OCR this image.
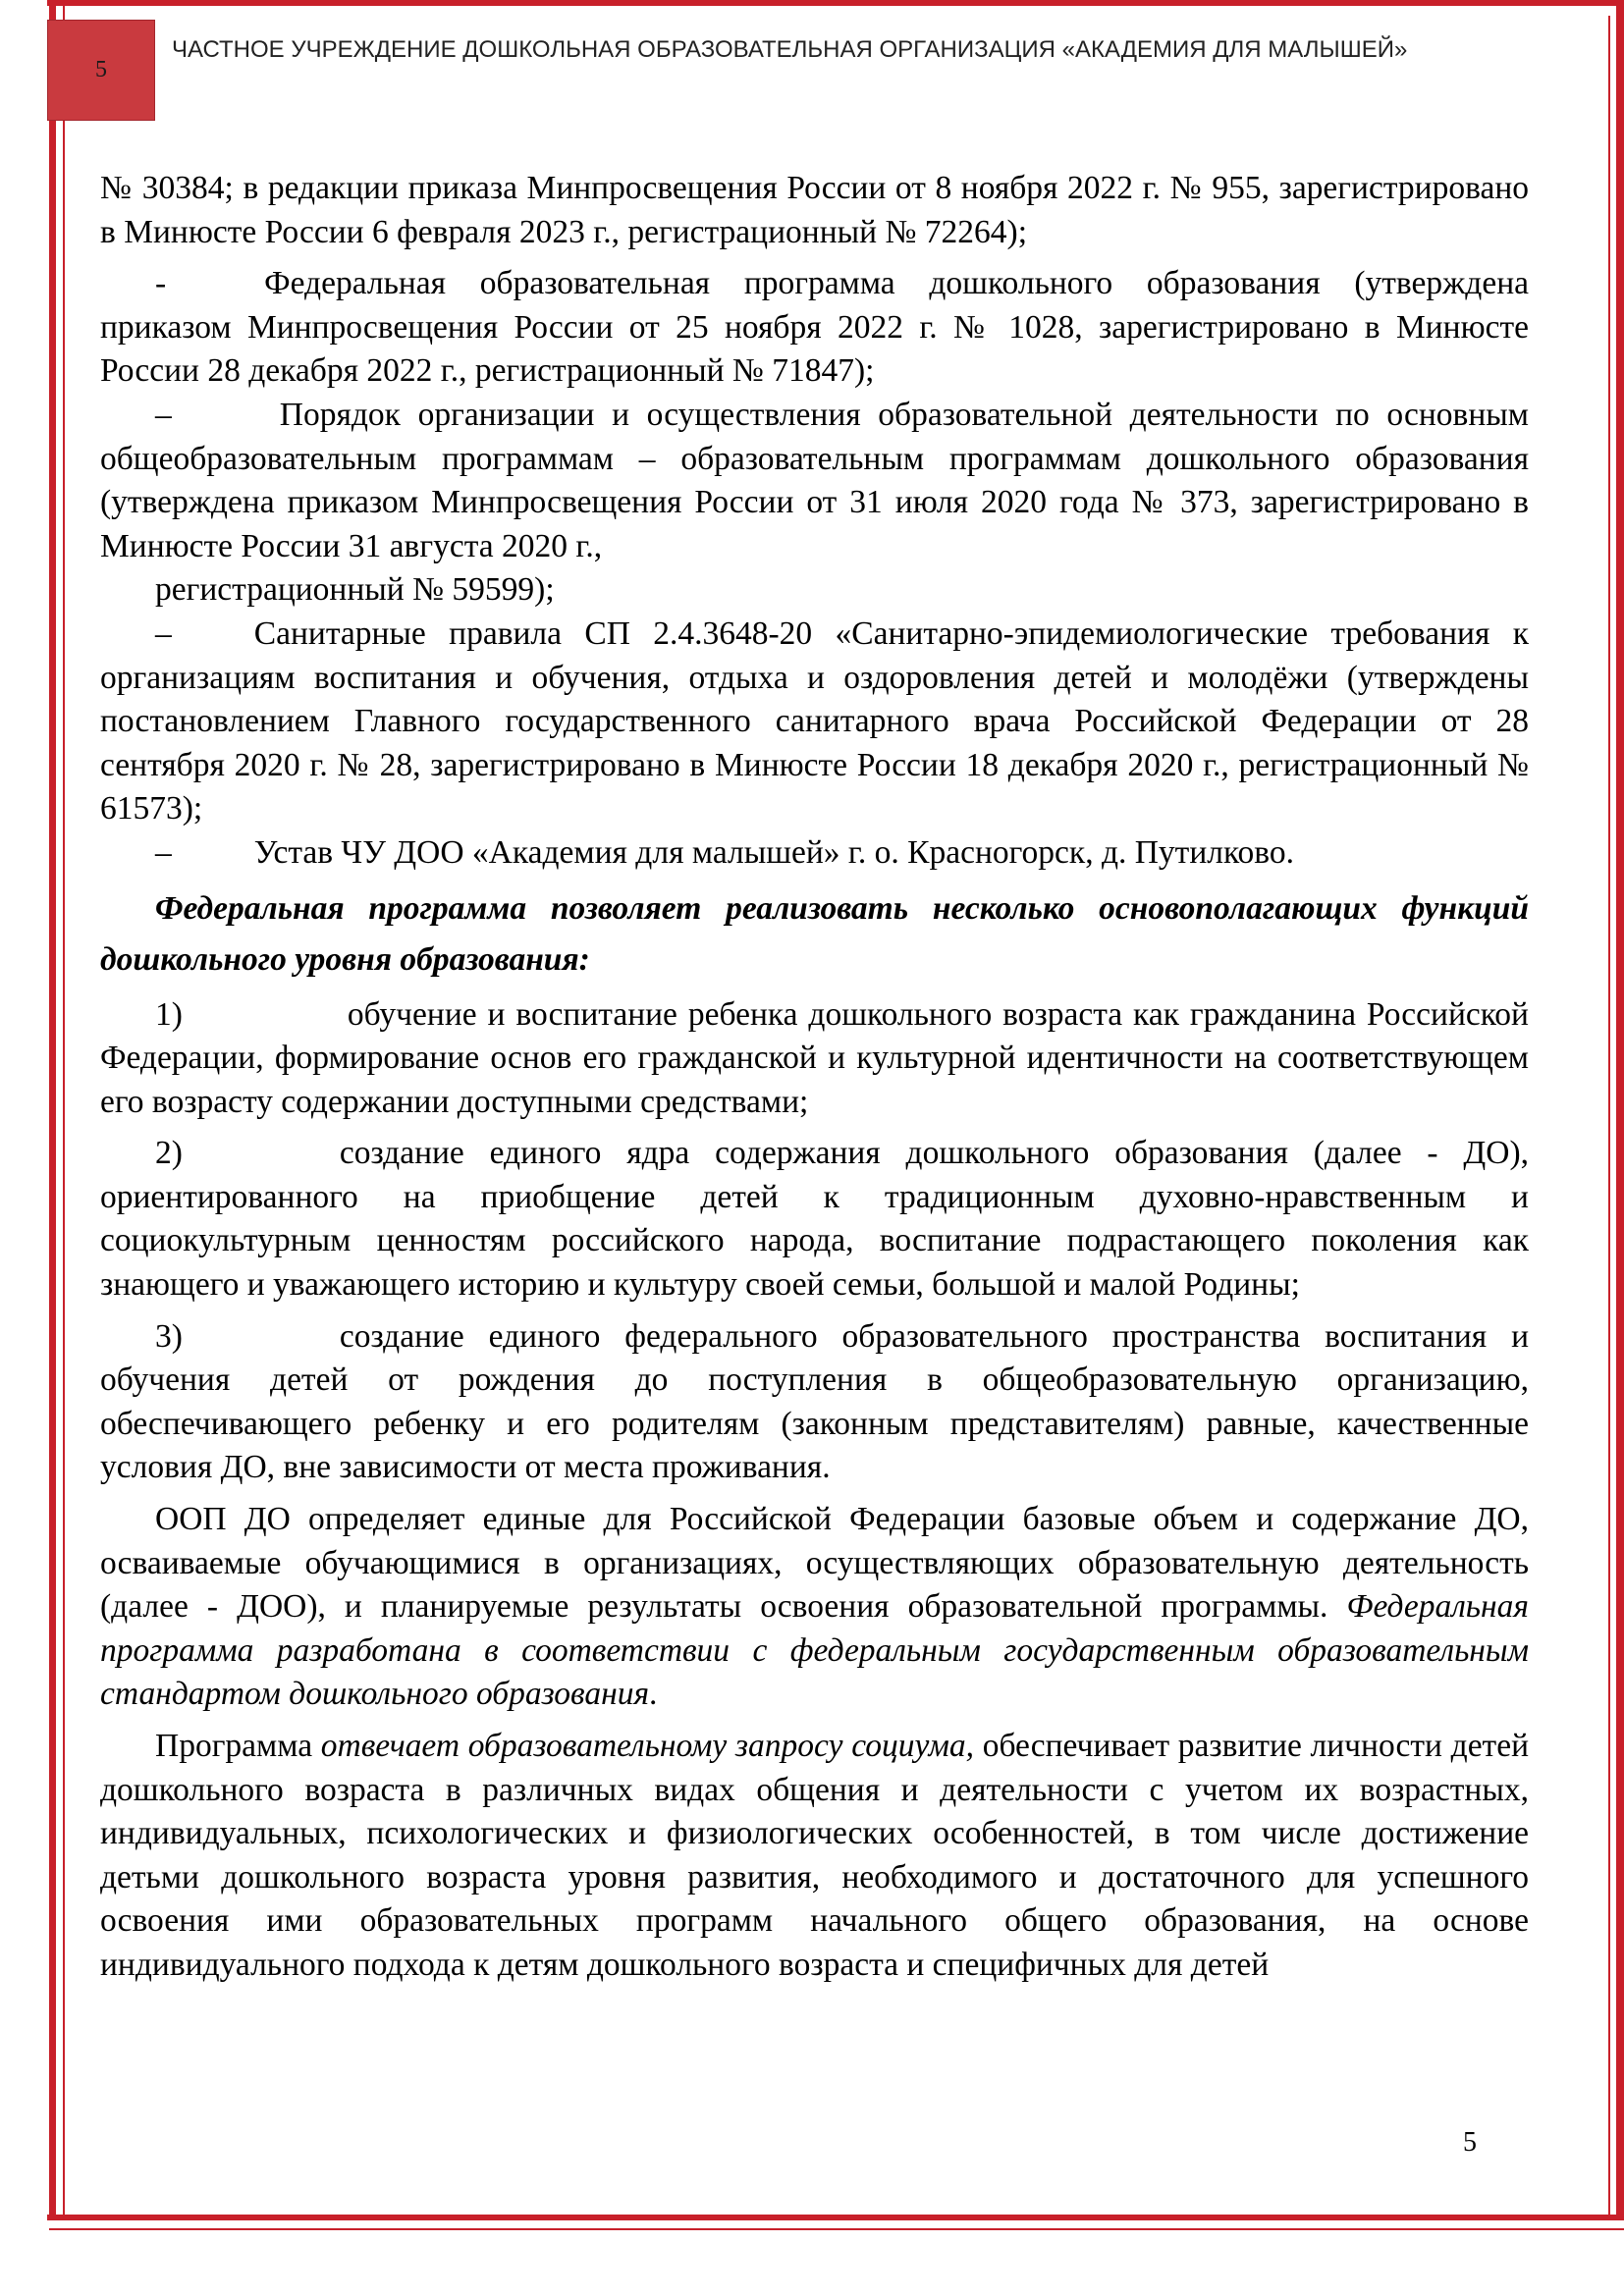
5
ЧАСТНОЕ УЧРЕЖДЕНИЕ ДОШКОЛЬНАЯ ОБРАЗОВАТЕЛЬНАЯ ОРГАНИЗАЦИЯ «АКАДЕМИЯ ДЛЯ МАЛЫШЕЙ»

№ 30384; в редакции приказа Минпросвещения России от 8 ноября 2022 г. № 955, зарегистрировано в Минюсте России 6 февраля 2023 г., регистрационный № 72264);

-	Федеральная образовательная программа дошкольного образования (утверждена приказом Минпросвещения России от 25 ноября 2022 г. № 1028, зарегистрировано в Минюсте России 28 декабря 2022 г., регистрационный № 71847);

–	Порядок организации и осуществления образовательной деятельности по основным общеобразовательным программам – образовательным программам дошкольного образования (утверждена приказом Минпросвещения России от 31 июля 2020 года № 373, зарегистрировано в Минюсте России 31 августа 2020 г.,

регистрационный № 59599);

–	Санитарные правила СП 2.4.3648-20 «Санитарно-эпидемиологические требования к организациям воспитания и обучения, отдыха и оздоровления детей и молодёжи (утверждены постановлением Главного государственного санитарного врача Российской Федерации от 28 сентября 2020 г. № 28, зарегистрировано в Минюсте России 18 декабря 2020 г., регистрационный № 61573);

–	Устав ЧУ ДОО «Академия для малышей» г. о. Красногорск, д. Путилково.

Федеральная программа позволяет реализовать несколько основополагающих функций дошкольного уровня образования:

1)	обучение и воспитание ребенка дошкольного возраста как гражданина Российской Федерации, формирование основ его гражданской и культурной идентичности на соответствующем его возрасту содержании доступными средствами;

2)	создание единого ядра содержания дошкольного образования (далее - ДО), ориентированного на приобщение детей к традиционным духовно-нравственным и социокультурным ценностям российского народа, воспитание подрастающего поколения как знающего и уважающего историю и культуру своей семьи, большой и малой Родины;

3)	создание единого федерального образовательного пространства воспитания и обучения детей от рождения до поступления в общеобразовательную организацию, обеспечивающего ребенку и его родителям (законным представителям) равные, качественные условия ДО, вне зависимости от места проживания.

ООП ДО определяет единые для Российской Федерации базовые объем и содержание ДО, осваиваемые обучающимися в организациях, осуществляющих образовательную деятельность (далее - ДОО), и планируемые результаты освоения образовательной программы. Федеральная программа разработана в соответствии с федеральным государственным образовательным стандартом дошкольного образования.

Программа отвечает образовательному запросу социума, обеспечивает развитие личности детей дошкольного возраста в различных видах общения и деятельности с учетом их возрастных, индивидуальных, психологических и физиологических особенностей, в том числе достижение детьми дошкольного возраста уровня развития, необходимого и достаточного для успешного освоения ими образовательных программ начального общего образования, на основе индивидуального подхода к детям дошкольного возраста и специфичных для детей

5
